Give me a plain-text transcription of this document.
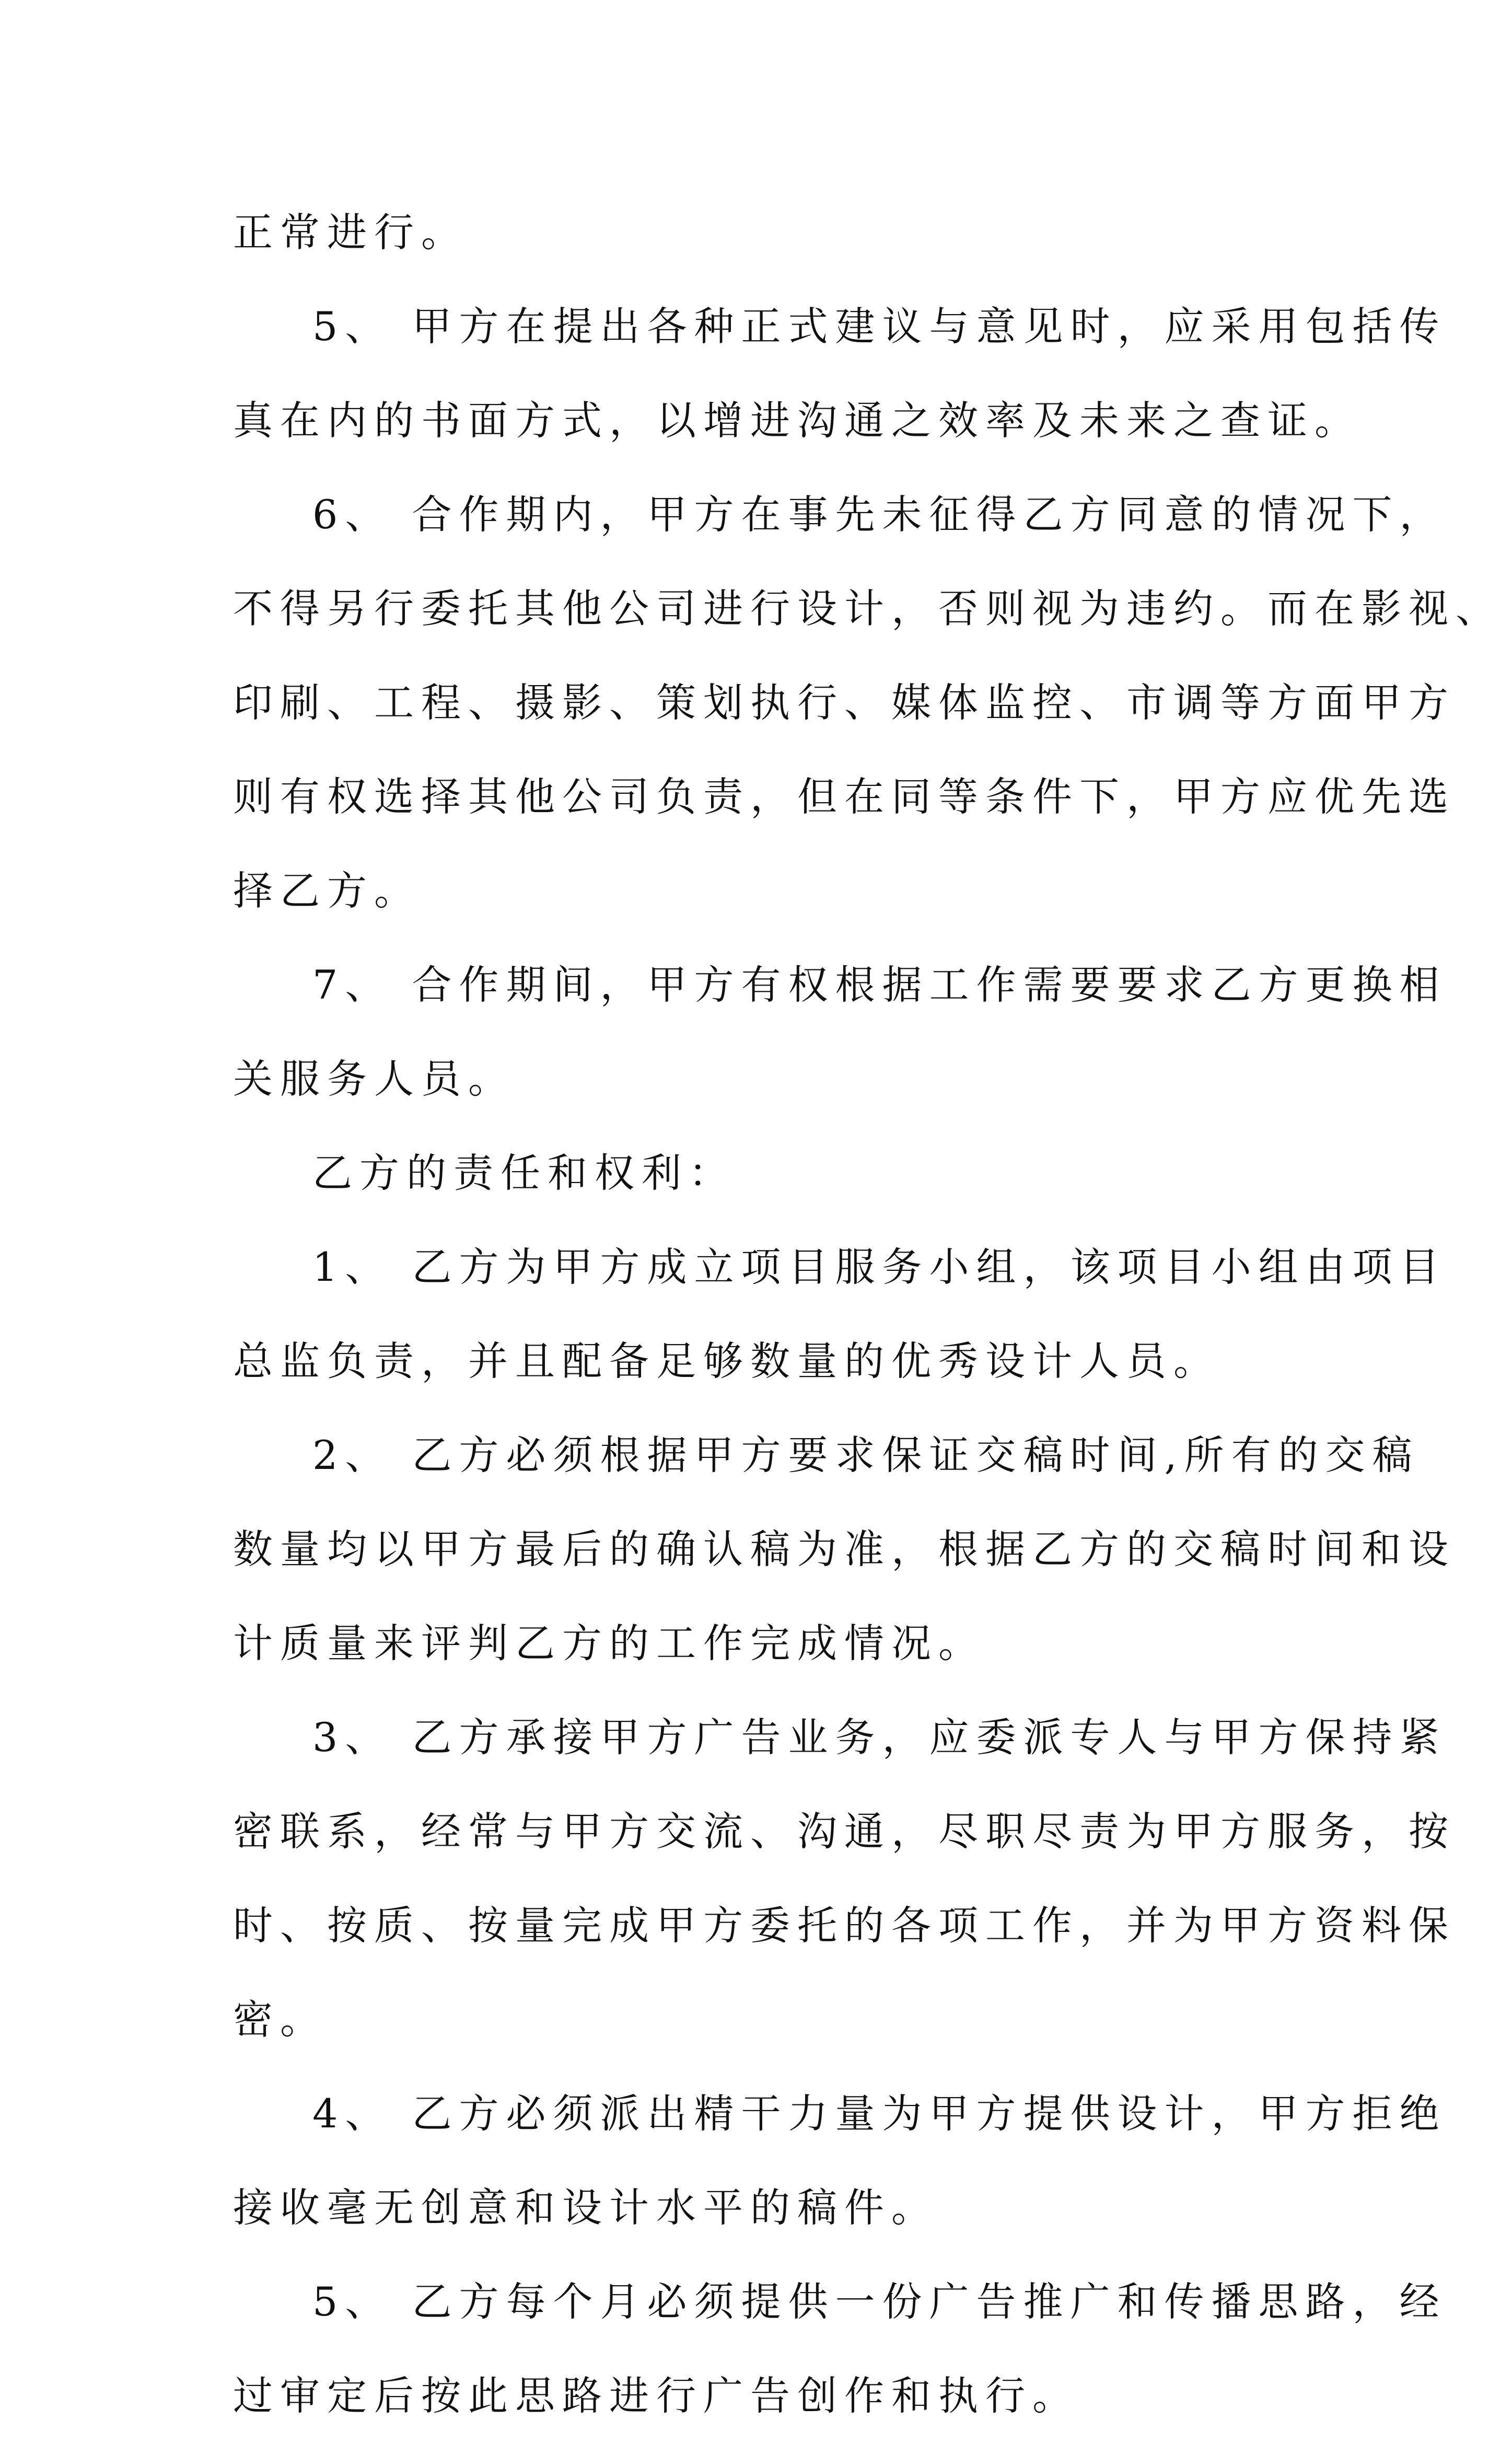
正常进行。
5、 甲方在提出各种正式建议与意见时，应采用包括传
真在内的书面方式，以增进沟通之效率及未来之查证。
6、 合作期内，甲方在事先未征得乙方同意的情况下，
不得另行委托其他公司进行设计，否则视为违约。而在影视、
印刷、工程、摄影、策划执行、媒体监控、市调等方面甲方
则有权选择其他公司负责，但在同等条件下，甲方应优先选
择乙方。
7、 合作期间，甲方有权根据工作需要要求乙方更换相
关服务人员。
乙方的责任和权利：
1、 乙方为甲方成立项目服务小组，该项目小组由项目
总监负责，并且配备足够数量的优秀设计人员。
2、 乙方必须根据甲方要求保证交稿时间,所有的交稿
数量均以甲方最后的确认稿为准，根据乙方的交稿时间和设
计质量来评判乙方的工作完成情况。
3、 乙方承接甲方广告业务，应委派专人与甲方保持紧
密联系，经常与甲方交流、沟通，尽职尽责为甲方服务，按
时、按质、按量完成甲方委托的各项工作，并为甲方资料保
密。
4、 乙方必须派出精干力量为甲方提供设计，甲方拒绝
接收毫无创意和设计水平的稿件。
5、 乙方每个月必须提供一份广告推广和传播思路，经
过审定后按此思路进行广告创作和执行。
